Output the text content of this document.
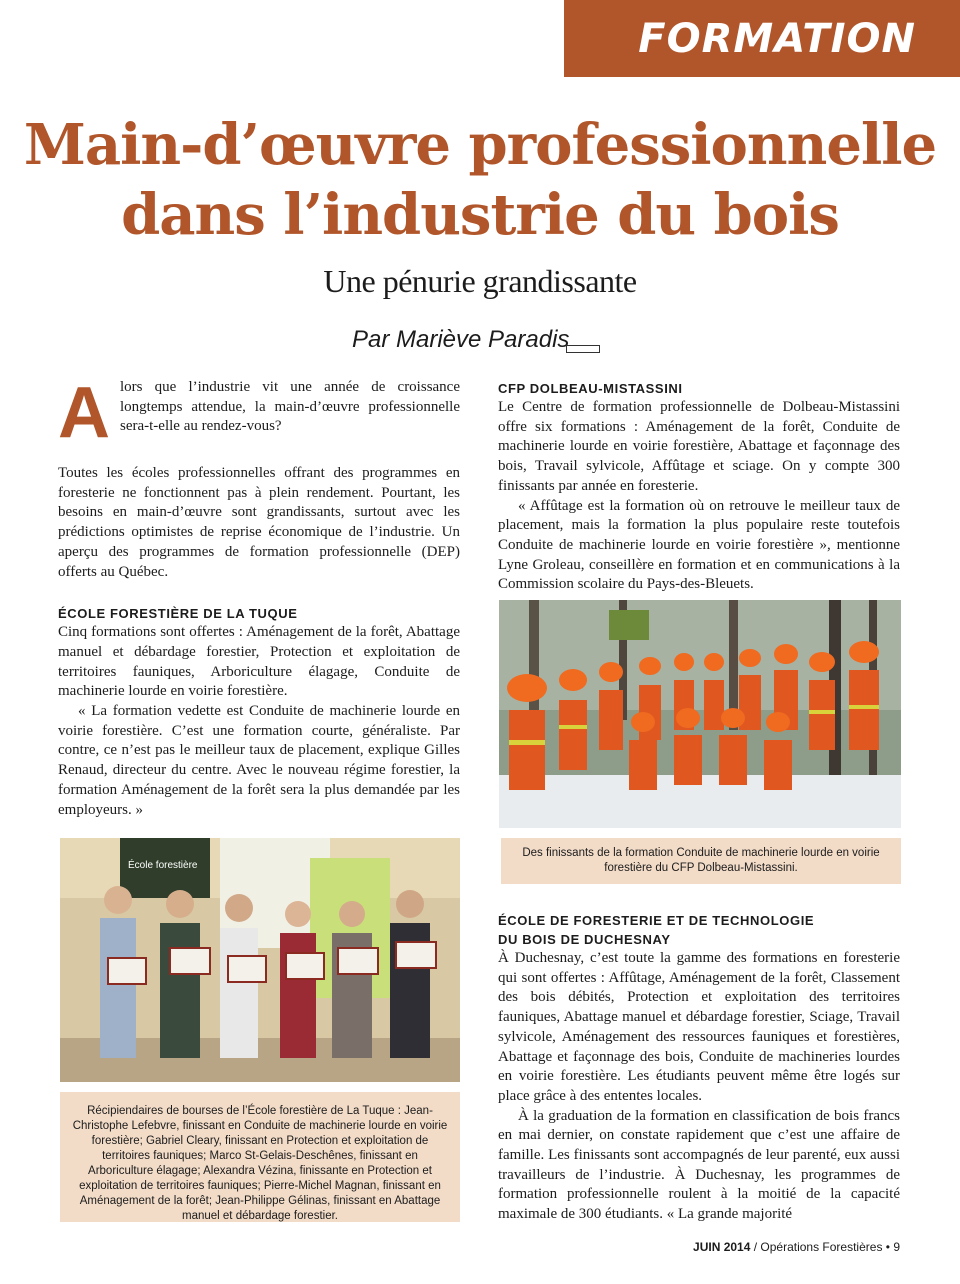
FORMATION
Main-d’œuvre professionnelle
dans l’industrie du bois
Une pénurie grandissante
Par Mariève Paradis
A lors que l’industrie vit une année de croissance longtemps attendue, la main-d’œuvre professionnelle sera-t-elle au rendez-vous?

Toutes les écoles professionnelles offrant des programmes en foresterie ne fonctionnent pas à plein rendement. Pourtant, les besoins en main-d’œuvre sont grandissants, surtout avec les prédictions optimistes de reprise économique de l’industrie. Un aperçu des programmes de formation professionnelle (DEP) offerts au Québec.

ÉCOLE FORESTIÈRE DE LA TUQUE

Cinq formations sont offertes : Aménagement de la forêt, Abattage manuel et débardage forestier, Protection et exploitation de territoires fauniques, Arboriculture élagage, Conduite de machinerie lourde en voirie forestière.

« La formation vedette est Conduite de machinerie lourde en voirie forestière. C’est une formation courte, généraliste. Par contre, ce n’est pas le meilleur taux de placement, explique Gilles Renaud, directeur du centre. Avec le nouveau régime forestier, la formation Aménagement de la forêt sera la plus demandée par les employeurs. »

CFP DOLBEAU-MISTASSINI

Le Centre de formation professionnelle de Dolbeau-Mistassini offre six formations : Aménagement de la forêt, Conduite de machinerie lourde en voirie forestière, Abattage et façonnage des bois, Travail sylvicole, Affûtage et sciage. On y compte 300 finissants par année en foresterie.

« Affûtage est la formation où on retrouve le meilleur taux de placement, mais la formation la plus populaire reste toutefois Conduite de machinerie lourde en voirie forestière », mentionne Lyne Groleau, conseillère en formation et en communications à la Commission scolaire du Pays-des-Bleuets.

Des finissants de la formation Conduite de machinerie lourde en voirie forestière du CFP Dolbeau-Mistassini.

ÉCOLE DE FORESTERIE ET DE TECHNOLOGIE

DU BOIS DE DUCHESNAY

À Duchesnay, c’est toute la gamme des formations en foresterie qui sont offertes : Affûtage, Aménagement de la forêt, Classement des bois débités, Protection et exploitation des territoires fauniques, Abattage manuel et débardage forestier, Sciage, Travail sylvicole, Aménagement des ressources fauniques et forestières, Abattage et façonnage des bois, Conduite de machineries lourdes en voirie forestière. Les étudiants peuvent même être logés sur place grâce à des ententes locales.

À la graduation de la formation en classification de bois francs en mai dernier, on constate rapidement que c’est une affaire de famille. Les finissants sont accompagnés de leur parenté, eux aussi travailleurs de l’industrie. À Duchesnay, les programmes de formation professionnelle roulent à la moitié de la capacité maximale de 300 étudiants. « La grande majorité

École forestière
Récipiendaires de bourses de l’École forestière de La Tuque : Jean-Christophe Lefebvre, finissant en Conduite de machinerie lourde en voirie forestière; Gabriel Cleary, finissant en Protection et exploitation de territoires fauniques; Marco St-Gelais-Deschênes, finissant en Arboriculture élagage; Alexandra Vézina, finissante en Protection et exploitation de territoires fauniques; Pierre-Michel Magnan, finissant en Aménagement de la forêt; Jean-Philippe Gélinas, finissant en Abattage manuel et débardage forestier.
JUIN 2014 / Opérations Forestières • 9
